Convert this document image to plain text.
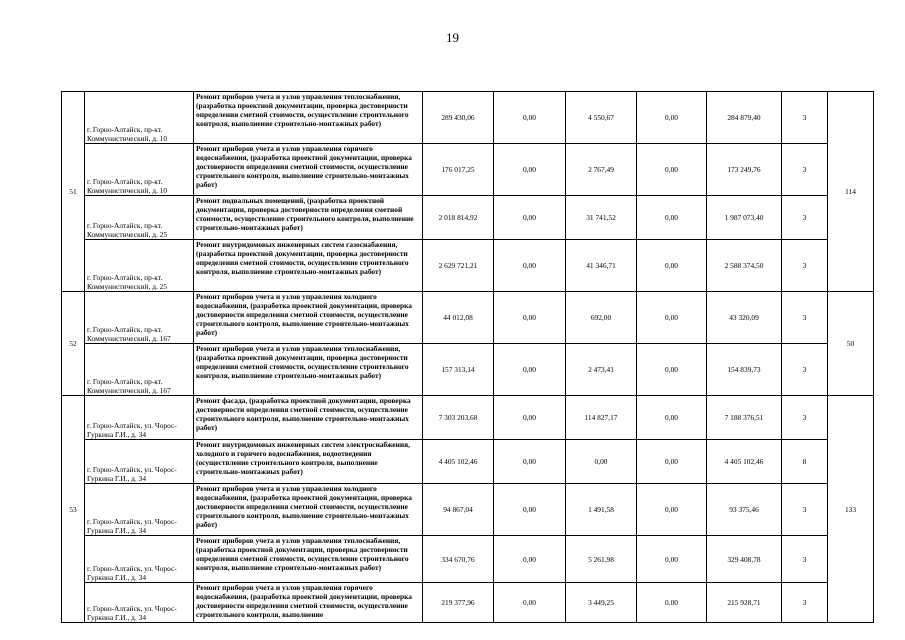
19
51	г. Горно-Алтайск, пр-кт. Коммунистический, д. 10	Ремонт приборов учета и узлов управления теплоснабжения, (разработка проектной документации, проверка достоверности определения сметной стоимости, осуществление строительного контроля, выполнение строительно-монтажных работ)	289 430,06	0,00	4 550,67	0,00	284 879,40	3	114
	г. Горно-Алтайск, пр-кт. Коммунистический, д. 10	Ремонт приборов учета и узлов управления горячего водоснабжения, (разработка проектной документации, проверка достоверности определения сметной стоимости, осуществление строительного контроля, выполнение строительно-монтажных работ)	176 017,25	0,00	2 767,49	0,00	173 249,76	3	
	г. Горно-Алтайск, пр-кт. Коммунистический, д. 25	Ремонт подвальных помещений, (разработка проектной документации, проверка достоверности определения сметной стоимости, осуществление строительного контроля, выполнение строительно-монтажных работ)	2 018 814,92	0,00	31 741,52	0,00	1 987 073,40	3	
	г. Горно-Алтайск, пр-кт. Коммунистический, д. 25	Ремонт внутридомовых инженерных систем газоснабжения, (разработка проектной документации, проверка достоверности определения сметной стоимости, осуществление строительного контроля, выполнение строительно-монтажных работ)	2 629 721,21	0,00	41 346,71	0,00	2 588 374,50	3	
52	г. Горно-Алтайск, пр-кт. Коммунистический, д. 167	Ремонт приборов учета и узлов управления холодного водоснабжения, (разработка проектной документации, проверка достоверности определения сметной стоимости, осуществление строительного контроля, выполнение строительно-монтажных работ)	44 012,08	0,00	692,00	0,00	43 320,09	3	50
	г. Горно-Алтайск, пр-кт. Коммунистический, д. 167	Ремонт приборов учета и узлов управления теплоснабжения, (разработка проектной документации, проверка достоверности определения сметной стоимости, осуществление строительного контроля, выполнение строительно-монтажных работ)	157 313,14	0,00	2 473,41	0,00	154 839,73	3	
53	г. Горно-Алтайск, ул. Чорос-Гуркина Г.И., д. 34	Ремонт фасада, (разработка проектной документации, проверка достоверности определения сметной стоимости, осуществление строительного контроля, выполнение строительно-монтажных работ)	7 303 203,68	0,00	114 827,17	0,00	7 188 376,51	3	133
	г. Горно-Алтайск, ул. Чорос-Гуркина Г.И., д. 34	Ремонт внутридомовых инженерных систем электроснабжения, холодного и горячего водоснабжения, водоотведения (осуществление строительного контроля, выполнение строительно-монтажных работ)	4 405 102,46	0,00	0,00	0,00	4 405 102,46	8	
	г. Горно-Алтайск, ул. Чорос-Гуркина Г.И., д. 34	Ремонт приборов учета и узлов управления холодного водоснабжения, (разработка проектной документации, проверка достоверности определения сметной стоимости, осуществление строительного контроля, выполнение строительно-монтажных работ)	94 867,04	0,00	1 491,58	0,00	93 375,46	3	
	г. Горно-Алтайск, ул. Чорос-Гуркина Г.И., д. 34	Ремонт приборов учета и узлов управления теплоснабжения, (разработка проектной документации, проверка достоверности определения сметной стоимости, осуществление строительного контроля, выполнение строительно-монтажных работ)	334 670,76	0,00	5 261,98	0,00	329 408,78	3	
	г. Горно-Алтайск, ул. Чорос-Гуркина Г.И., д. 34	Ремонт приборов учета и узлов управления горячего водоснабжения, (разработка проектной документации, проверка достоверности определения сметной стоимости, осуществление строительного контроля, выполнение	219 377,96	0,00	3 449,25	0,00	215 928,71	3	
